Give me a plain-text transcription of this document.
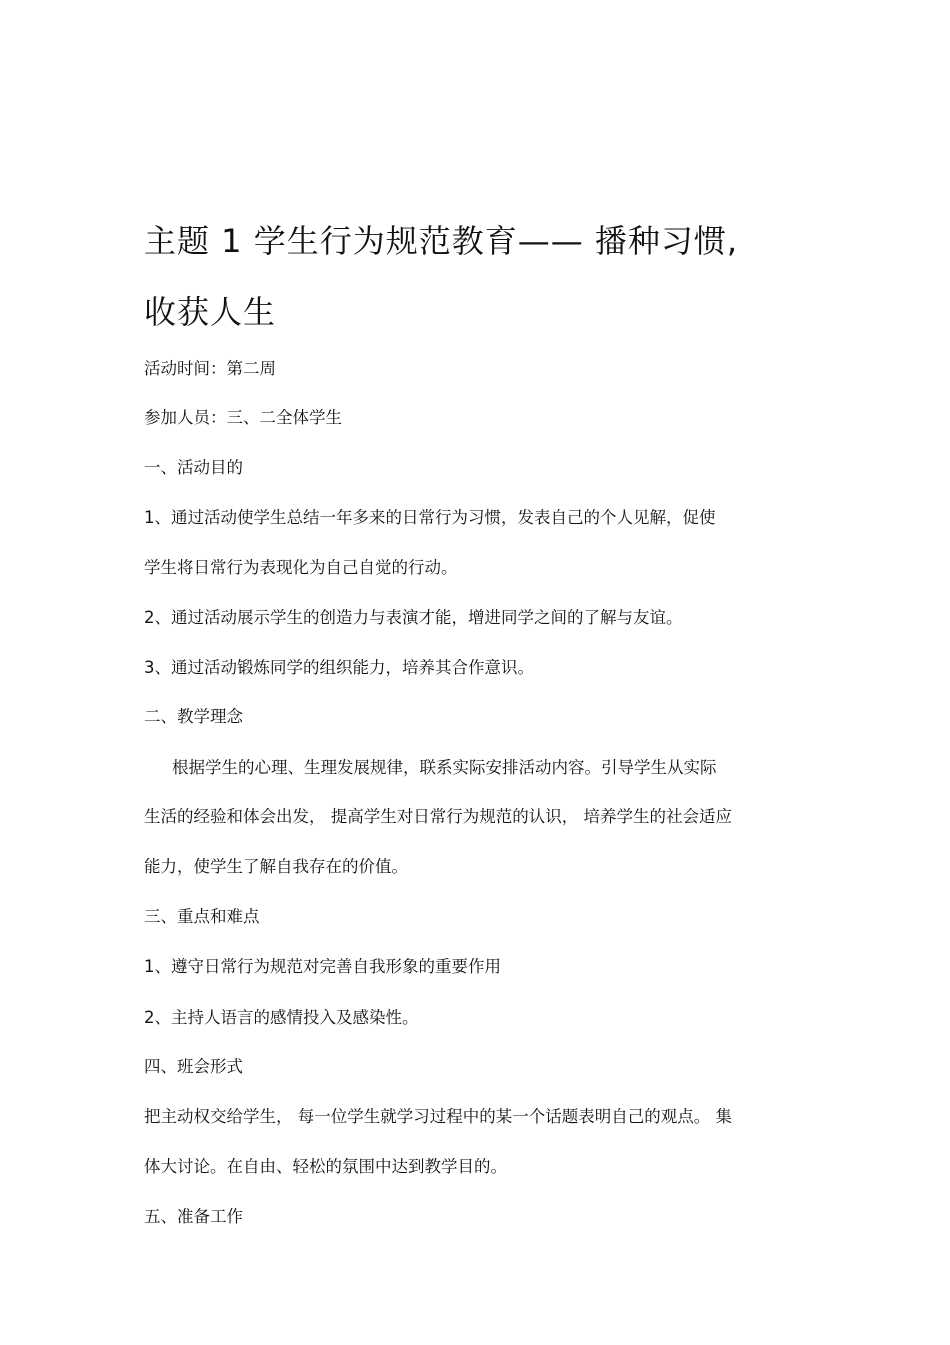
主题 1 学生行为规范教育—— 播种习惯,
收获人生
活动时间：第二周
参加人员：三、二全体学生
一、活动目的
1、通过活动使学生总结一年多来的日常行为习惯，发表自己的个人见解，促使
学生将日常行为表现化为自己自觉的行动。
2、通过活动展示学生的创造力与表演才能，增进同学之间的了解与友谊。
3、通过活动锻炼同学的组织能力，培养其合作意识。
二、教学理念
根据学生的心理、生理发展规律，联系实际安排活动内容。引导学生从实际
生活的经验和体会出发， 提高学生对日常行为规范的认识， 培养学生的社会适应
能力，使学生了解自我存在的价值。
三、重点和难点
1、遵守日常行为规范对完善自我形象的重要作用
2、主持人语言的感情投入及感染性。
四、班会形式
把主动权交给学生， 每一位学生就学习过程中的某一个话题表明自己的观点。 集
体大讨论。在自由、轻松的氛围中达到教学目的。
五、准备工作
